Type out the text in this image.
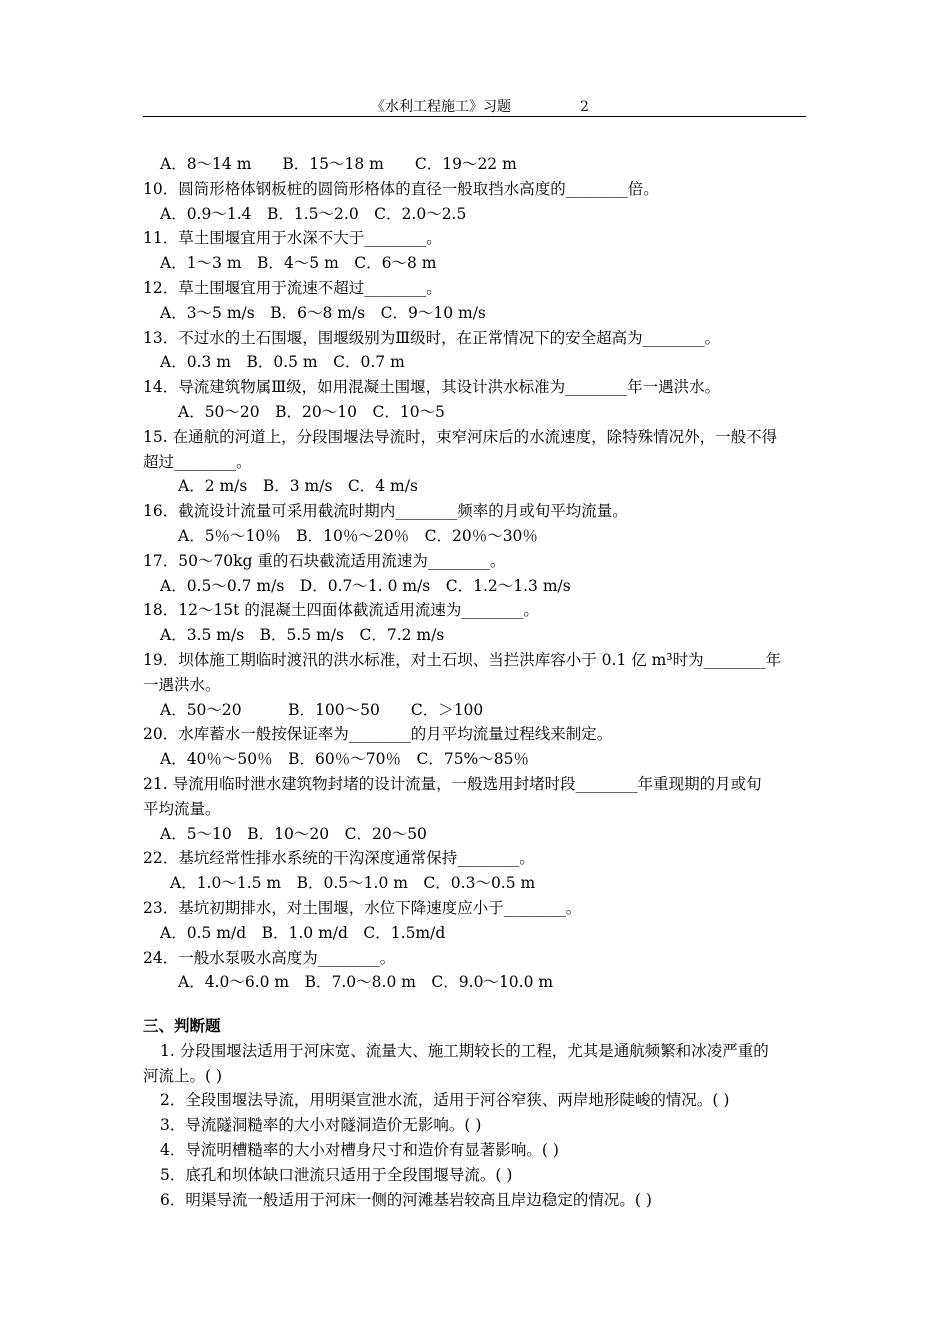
《水利工程施工》习题	2
A．8～14 m　　B．15～18 m　　C．19～22 m
10．圆筒形格体钢板桩的圆筒形格体的直径一般取挡水高度的________倍。
A．0.9～1.4　B．1.5～2.0　C．2.0～2.5
11．草土围堰宜用于水深不大于________。
A．1～3 m　B．4～5 m　C．6～8 m
12．草土围堰宜用于流速不超过________。
A．3～5 m/s　B．6～8 m/s　C．9～10 m/s
13．不过水的土石围堰，围堰级别为Ⅲ级时，在正常情况下的安全超高为________。
A．0.3 m　B．0.5 m　C．0.7 m
14．导流建筑物属Ⅲ级，如用混凝土围堰，其设计洪水标准为________年一遇洪水。
A．50～20　B．20～10　C．10～5
15. 在通航的河道上，分段围堰法导流时，束窄河床后的水流速度，除特殊情况外，一般不得
超过________。
A．2 m/s　B．3 m/s　C．4 m/s
16．截流设计流量可采用截流时期内________频率的月或旬平均流量。
A．5％～10％　B．10％～20％　C．20％～30％
17．50～70kg 重的石块截流适用流速为________。
A．0.5～0.7 m/s　D．0.7～1. 0 m/s　C．1.2～1.3 m/s
18．12～15t 的混凝土四面体截流适用流速为________。
A．3.5 m/s　B．5.5 m/s　C．7.2 m/s
19．坝体施工期临时渡汛的洪水标准，对土石坝、当拦洪库容小于 0.1 亿 m³时为________年
一遇洪水。
A．50～20　　　B．100～50　　C．＞100
20．水库蓄水一般按保证率为________的月平均流量过程线来制定。
A．40％～50％　B．60％～70％　C．75%～85％
21. 导流用临时泄水建筑物封堵的设计流量，一般选用封堵时段________年重现期的月或旬
平均流量。
A．5～10　B．10～20　C．20～50
22．基坑经常性排水系统的干沟深度通常保持________。
A．1.0～1.5 m　B．0.5～1.0 m　C．0.3～0.5 m
23．基坑初期排水，对土围堰，水位下降速度应小于________。
A．0.5 m/d　B．1.0 m/d　C．1.5m/d
24．一般水泵吸水高度为________。
A．4.0～6.0 m　B．7.0～8.0 m　C．9.0～10.0 m
三、判断题
1. 分段围堰法适用于河床宽、流量大、施工期较长的工程，尤其是通航频繁和冰凌严重的
河流上。( )
2．全段围堰法导流，用明渠宣泄水流，适用于河谷窄狭、两岸地形陡峻的情况。( )
3．导流隧洞糙率的大小对隧洞造价无影响。( )
4．导流明槽糙率的大小对槽身尺寸和造价有显著影响。( )
5．底孔和坝体缺口泄流只适用于全段围堰导流。( )
6．明渠导流一般适用于河床一侧的河滩基岩较高且岸边稳定的情况。( )
